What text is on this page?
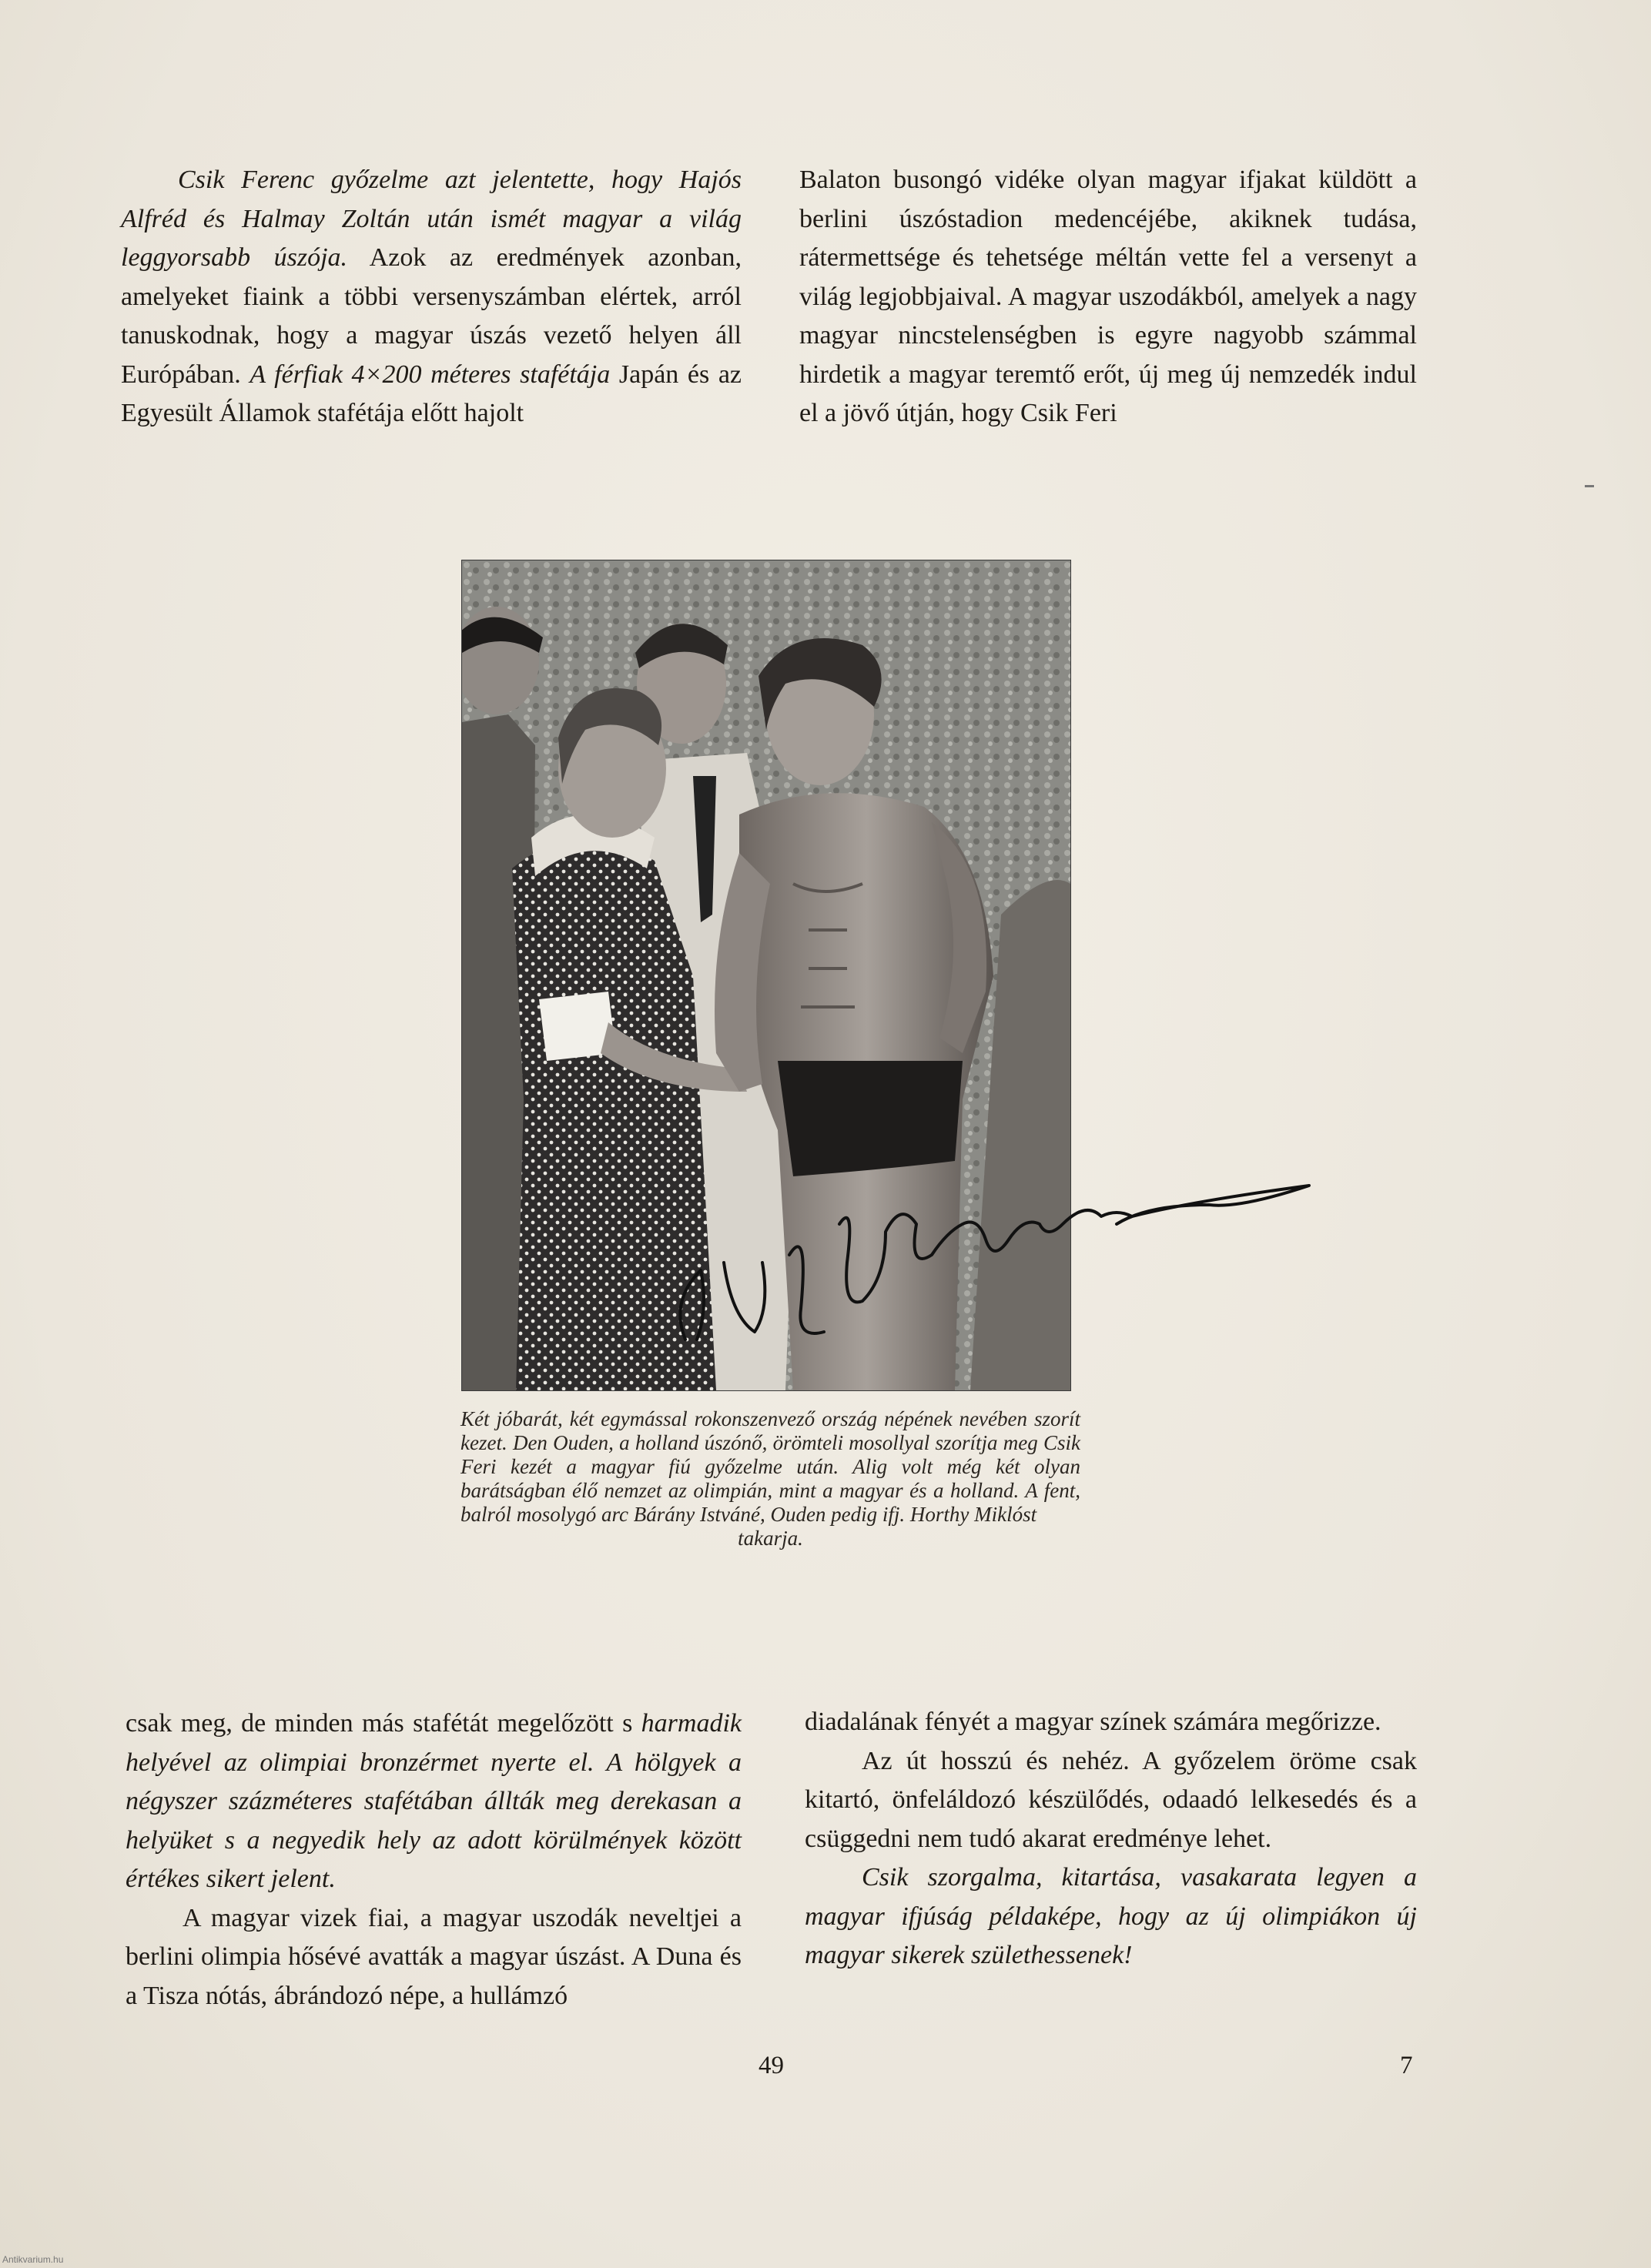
Csik Ferenc győzelme azt jelentette, hogy Hajós Alfréd és Halmay Zoltán után ismét magyar a világ leggyorsabb úszója. Azok az eredmények azonban, amelyeket fiaink a többi versenyszámban elértek, arról tanuskodnak, hogy a magyar úszás vezető helyen áll Európában. A férfiak 4×200 méteres stafétája Japán és az Egyesült Államok stafétája előtt hajolt

Balaton busongó vidéke olyan magyar ifjakat küldött a berlini úszóstadion medencéjébe, akiknek tudása, rátermettsége és tehetsége méltán vette fel a versenyt a világ legjobbjaival. A magyar uszodákból, amelyek a nagy magyar nincstelenségben is egyre nagyobb számmal hirdetik a magyar teremtő erőt, új meg új nemzedék indul el a jövő útján, hogy Csik Feri

Két jóbarát, két egymással rokonszenvező ország népének nevében szorít kezet. Den Ouden, a holland úszónő, örömteli mosollyal szorítja meg Csik Feri kezét a magyar fiú győzelme után. Alig volt még két olyan barátságban élő nemzet az olimpián, mint a magyar és a holland. A fent, balról mosolygó arc Bárány Istváné, Ouden pedig ifj. Horthy Miklóst
takarja.

csak meg, de minden más stafétát megelőzött s harmadik helyével az olimpiai bronzérmet nyerte el. A hölgyek a négyszer százméteres stafétában állták meg derekasan a helyüket s a negyedik hely az adott körülmények között értékes sikert jelent.

A magyar vizek fiai, a magyar uszodák neveltjei a berlini olimpia hősévé avatták a magyar úszást. A Duna és a Tisza nótás, ábrándozó népe, a hullámzó

diadalának fényét a magyar színek számára megőrizze.

Az út hosszú és nehéz. A győzelem öröme csak kitartó, önfeláldozó készülődés, odaadó lelkesedés és a csüggedni nem tudó akarat eredménye lehet.

Csik szorgalma, kitartása, vasakarata legyen a magyar ifjúság példaképe, hogy az új olimpiákon új magyar sikerek születhessenek!

49	7
Antikvarium.hu
